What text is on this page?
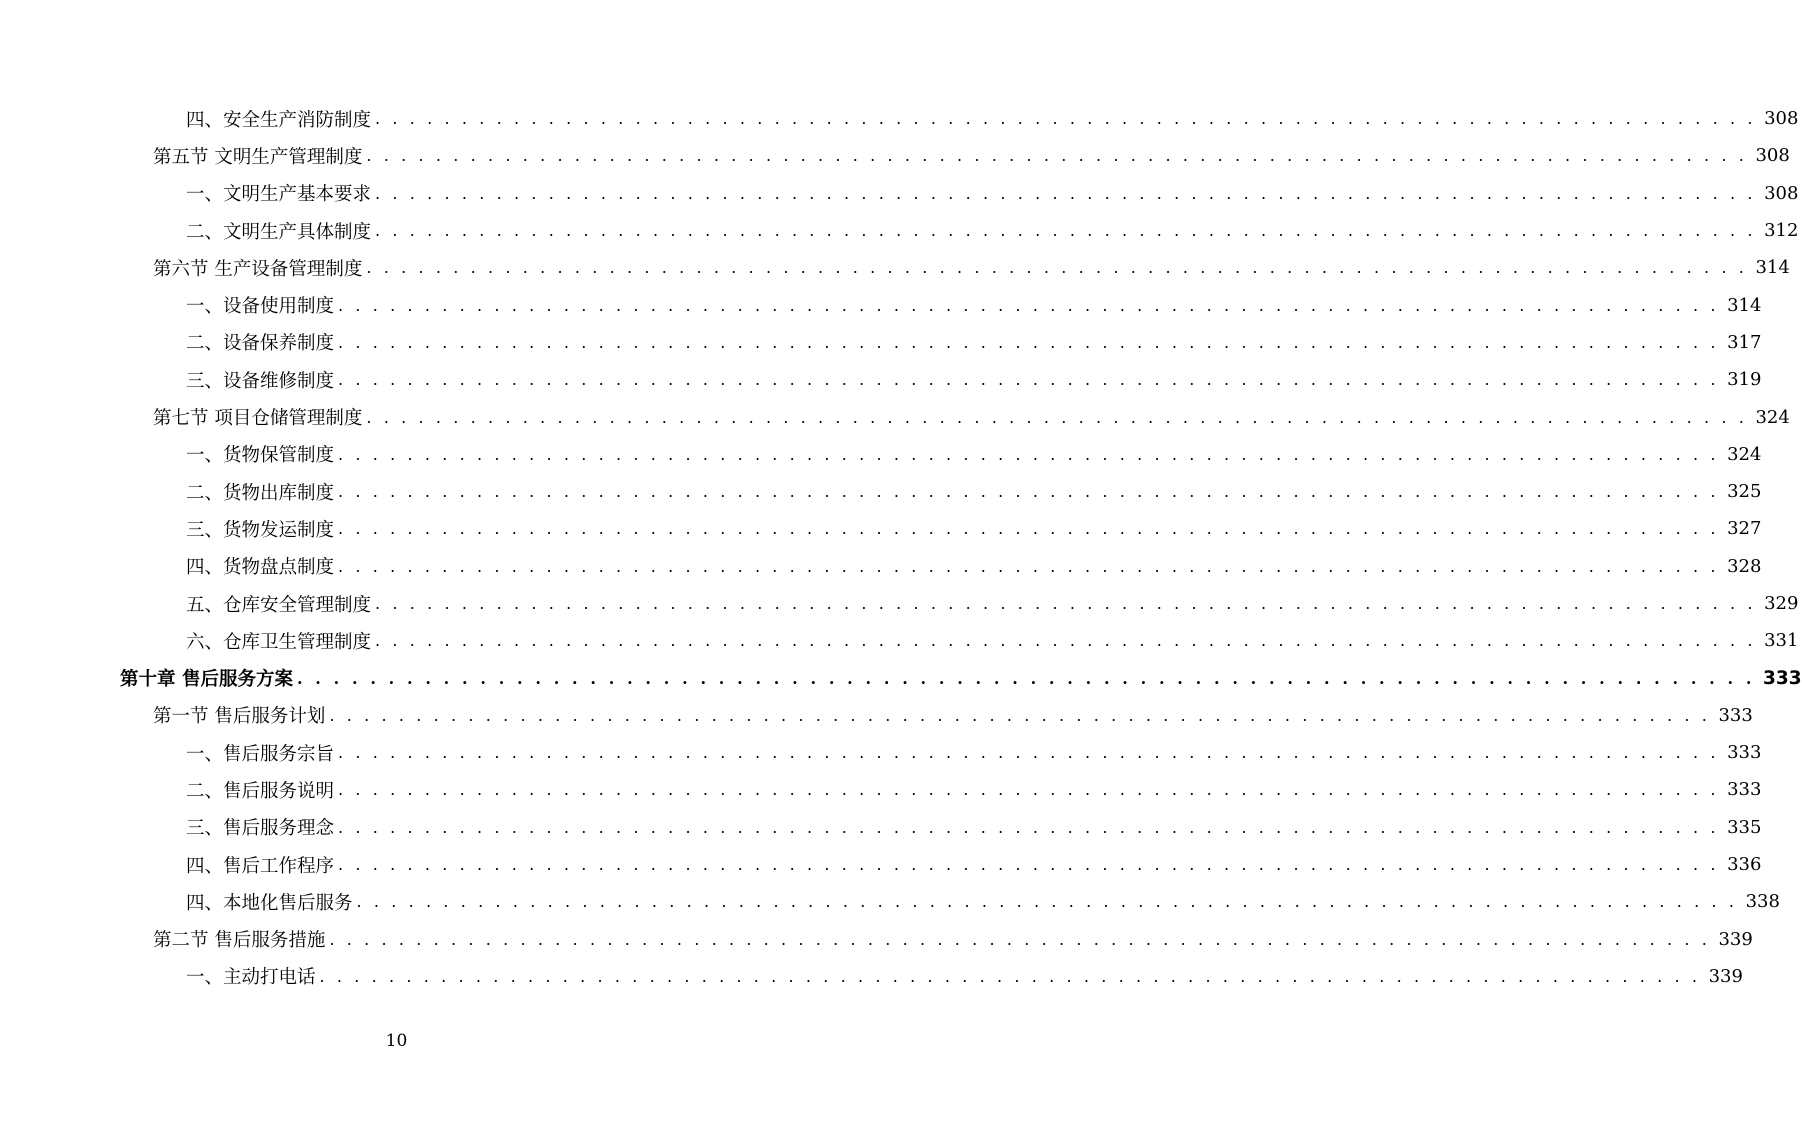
四、安全生产消防制度 . . . . . . . . . . . . . . . . . . . . . . . . . . . . . . . . . . . . . . . . . . . . . . . . . . . . . . . . . . . . . . . . . . . . . . . . . . . . . . . . 308
第五节 文明生产管理制度 . . . . . . . . . . . . . . . . . . . . . . . . . . . . . . . . . . . . . . . . . . . . . . . . . . . . . . . . . . . . . . . . . . . . . . . . . . . . . . . . 308
一、文明生产基本要求 . . . . . . . . . . . . . . . . . . . . . . . . . . . . . . . . . . . . . . . . . . . . . . . . . . . . . . . . . . . . . . . . . . . . . . . . . . . . . . . . 308
二、文明生产具体制度 . . . . . . . . . . . . . . . . . . . . . . . . . . . . . . . . . . . . . . . . . . . . . . . . . . . . . . . . . . . . . . . . . . . . . . . . . . . . . . . . 312
第六节 生产设备管理制度 . . . . . . . . . . . . . . . . . . . . . . . . . . . . . . . . . . . . . . . . . . . . . . . . . . . . . . . . . . . . . . . . . . . . . . . . . . . . . . . . 314
一、设备使用制度 . . . . . . . . . . . . . . . . . . . . . . . . . . . . . . . . . . . . . . . . . . . . . . . . . . . . . . . . . . . . . . . . . . . . . . . . . . . . . . . . 314
二、设备保养制度 . . . . . . . . . . . . . . . . . . . . . . . . . . . . . . . . . . . . . . . . . . . . . . . . . . . . . . . . . . . . . . . . . . . . . . . . . . . . . . . . 317
三、设备维修制度 . . . . . . . . . . . . . . . . . . . . . . . . . . . . . . . . . . . . . . . . . . . . . . . . . . . . . . . . . . . . . . . . . . . . . . . . . . . . . . . . 319
第七节 项目仓储管理制度 . . . . . . . . . . . . . . . . . . . . . . . . . . . . . . . . . . . . . . . . . . . . . . . . . . . . . . . . . . . . . . . . . . . . . . . . . . . . . . . . 324
一、货物保管制度 . . . . . . . . . . . . . . . . . . . . . . . . . . . . . . . . . . . . . . . . . . . . . . . . . . . . . . . . . . . . . . . . . . . . . . . . . . . . . . . . 324
二、货物出库制度 . . . . . . . . . . . . . . . . . . . . . . . . . . . . . . . . . . . . . . . . . . . . . . . . . . . . . . . . . . . . . . . . . . . . . . . . . . . . . . . . 325
三、货物发运制度 . . . . . . . . . . . . . . . . . . . . . . . . . . . . . . . . . . . . . . . . . . . . . . . . . . . . . . . . . . . . . . . . . . . . . . . . . . . . . . . . 327
四、货物盘点制度 . . . . . . . . . . . . . . . . . . . . . . . . . . . . . . . . . . . . . . . . . . . . . . . . . . . . . . . . . . . . . . . . . . . . . . . . . . . . . . . . 328
五、仓库安全管理制度 . . . . . . . . . . . . . . . . . . . . . . . . . . . . . . . . . . . . . . . . . . . . . . . . . . . . . . . . . . . . . . . . . . . . . . . . . . . . . . . . 329
六、仓库卫生管理制度 . . . . . . . . . . . . . . . . . . . . . . . . . . . . . . . . . . . . . . . . . . . . . . . . . . . . . . . . . . . . . . . . . . . . . . . . . . . . . . . . 331
第十章 售后服务方案 . . . . . . . . . . . . . . . . . . . . . . . . . . . . . . . . . . . . . . . . . . . . . . . . . . . . . . . . . . . . . . . . . . . . . . . . . . . . . . . . 333
第一节 售后服务计划 . . . . . . . . . . . . . . . . . . . . . . . . . . . . . . . . . . . . . . . . . . . . . . . . . . . . . . . . . . . . . . . . . . . . . . . . . . . . . . . . 333
一、售后服务宗旨 . . . . . . . . . . . . . . . . . . . . . . . . . . . . . . . . . . . . . . . . . . . . . . . . . . . . . . . . . . . . . . . . . . . . . . . . . . . . . . . . 333
二、售后服务说明 . . . . . . . . . . . . . . . . . . . . . . . . . . . . . . . . . . . . . . . . . . . . . . . . . . . . . . . . . . . . . . . . . . . . . . . . . . . . . . . . 333
三、售后服务理念 . . . . . . . . . . . . . . . . . . . . . . . . . . . . . . . . . . . . . . . . . . . . . . . . . . . . . . . . . . . . . . . . . . . . . . . . . . . . . . . . 335
四、售后工作程序 . . . . . . . . . . . . . . . . . . . . . . . . . . . . . . . . . . . . . . . . . . . . . . . . . . . . . . . . . . . . . . . . . . . . . . . . . . . . . . . . 336
四、本地化售后服务 . . . . . . . . . . . . . . . . . . . . . . . . . . . . . . . . . . . . . . . . . . . . . . . . . . . . . . . . . . . . . . . . . . . . . . . . . . . . . . . . 338
第二节 售后服务措施 . . . . . . . . . . . . . . . . . . . . . . . . . . . . . . . . . . . . . . . . . . . . . . . . . . . . . . . . . . . . . . . . . . . . . . . . . . . . . . . . 339
一、主动打电话 . . . . . . . . . . . . . . . . . . . . . . . . . . . . . . . . . . . . . . . . . . . . . . . . . . . . . . . . . . . . . . . . . . . . . . . . . . . . . . . . 339
10
